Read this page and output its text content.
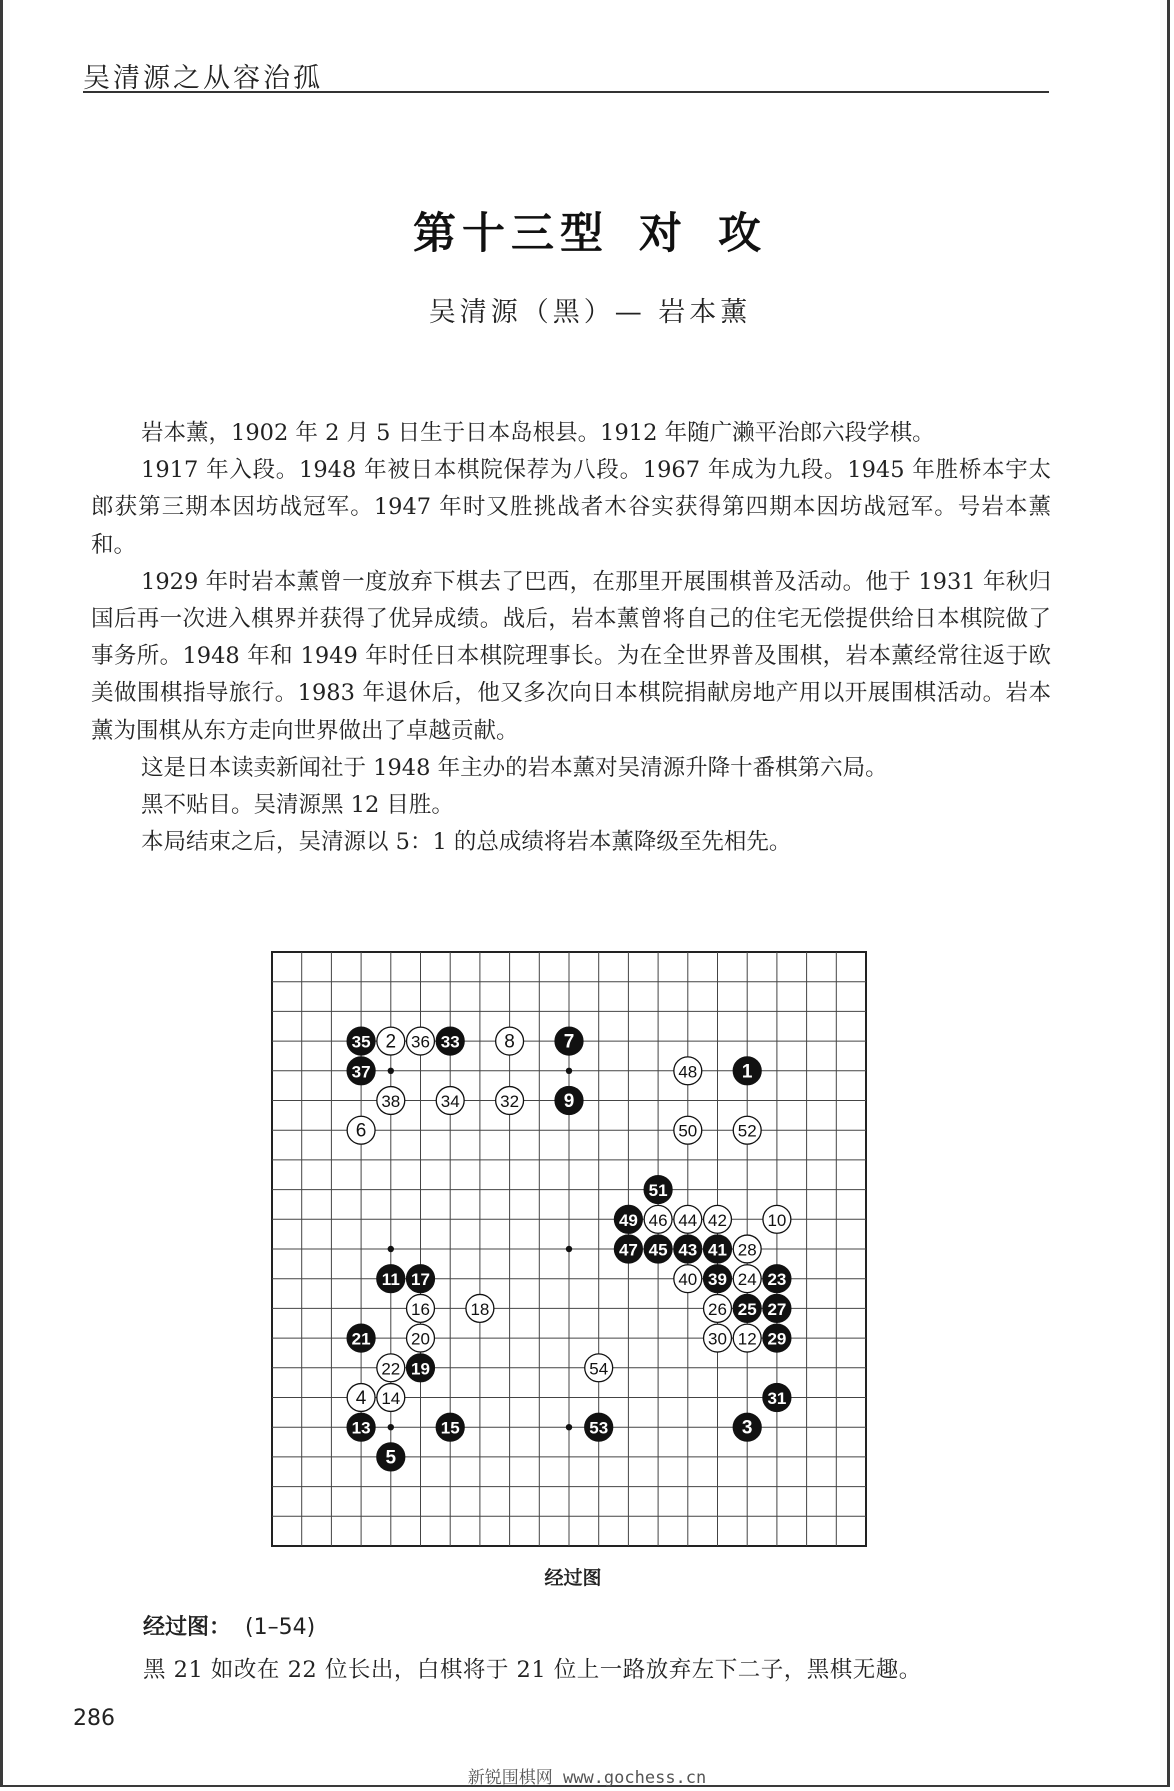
吴清源之从容治孤
第十三型 对 攻
吴清源（黑）— 岩本薰

岩本薰，1902 年 2 月 5 日生于日本岛根县。1912 年随广濑平治郎六段学棋。

1917 年入段。1948 年被日本棋院保荐为八段。1967 年成为九段。1945 年胜桥本宇太郎获第三期本因坊战冠军。1947 年时又胜挑战者木谷实获得第四期本因坊战冠军。号岩本薰和。

1929 年时岩本薰曾一度放弃下棋去了巴西，在那里开展围棋普及活动。他于 1931 年秋归国后再一次进入棋界并获得了优异成绩。战后，岩本薰曾将自己的住宅无偿提供给日本棋院做了事务所。1948 年和 1949 年时任日本棋院理事长。为在全世界普及围棋，岩本薰经常往返于欧美做围棋指导旅行。1983 年退休后，他又多次向日本棋院捐献房地产用以开展围棋活动。岩本薰为围棋从东方走向世界做出了卓越贡献。

这是日本读卖新闻社于 1948 年主办的岩本薰对吴清源升降十番棋第六局。

黑不贴目。吴清源黑 12 目胜。

本局结束之后，吴清源以 5：1 的总成绩将岩本薰降级至先相先。

1
2
3
4
5
6
7
8
9
10
11
12
13
14
15
16
17
18
19
20
21
22
23
24
25
26 27
28
29
30
31
32
33
34
35 36
37
38
39
40
41
42
43
44
45
46
47
48
49
50
51
52
53
54
经过图
经过图： (1–54)
黑 21 如改在 22 位长出，白棋将于 21 位上一路放弃左下二子，黑棋无趣。
286
新锐围棋网 www.gochess.cn
